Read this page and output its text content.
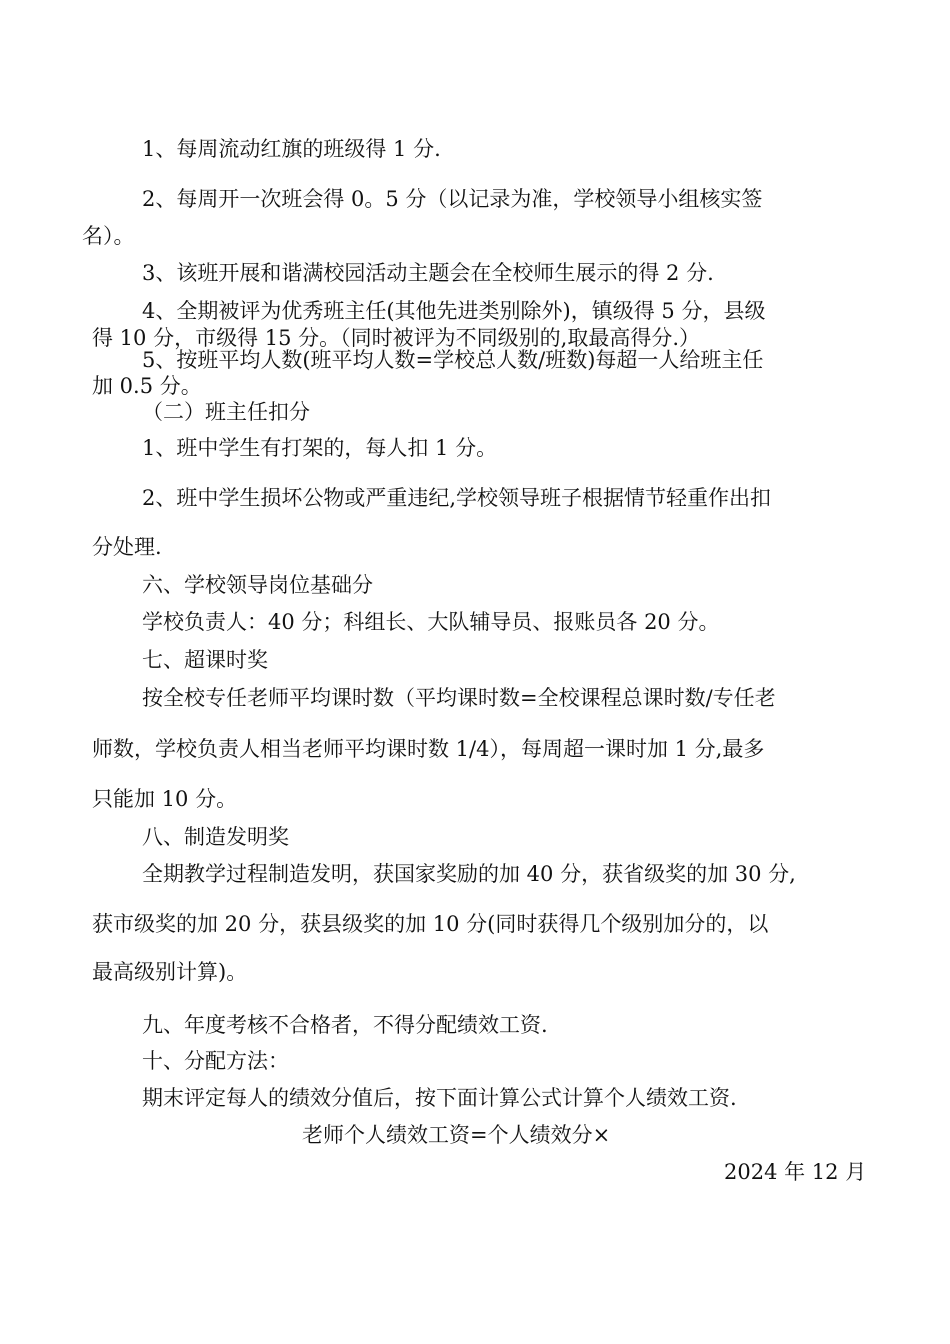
1、每周流动红旗的班级得 1 分.
2、每周开一次班会得 0。5 分（以记录为准，学校领导小组核实签
名）。
3、该班开展和谐满校园活动主题会在全校师生展示的得 2 分.
4、全期被评为优秀班主任(其他先进类别除外)，镇级得 5 分，县级
得 10 分，市级得 15 分。（同时被评为不同级别的,取最高得分.）
5、按班平均人数(班平均人数=学校总人数/班数)每超一人给班主任
加 0.5 分。
（二）班主任扣分
1、班中学生有打架的，每人扣 1 分。
2、班中学生损坏公物或严重违纪,学校领导班子根据情节轻重作出扣
分处理.
六、学校领导岗位基础分
学校负责人：40 分；科组长、大队辅导员、报账员各 20 分。
七、超课时奖
按全校专任老师平均课时数（平均课时数=全校课程总课时数/专任老
师数，学校负责人相当老师平均课时数 1/4），每周超一课时加 1 分,最多
只能加 10 分。
八、制造发明奖
全期教学过程制造发明，获国家奖励的加 40 分，获省级奖的加 30 分,
获市级奖的加 20 分，获县级奖的加 10 分(同时获得几个级别加分的，以
最高级别计算)。
九、年度考核不合格者，不得分配绩效工资.
十、分配方法：
期末评定每人的绩效分值后，按下面计算公式计算个人绩效工资.
老师个人绩效工资=个人绩效分×
2024 年 12 月
